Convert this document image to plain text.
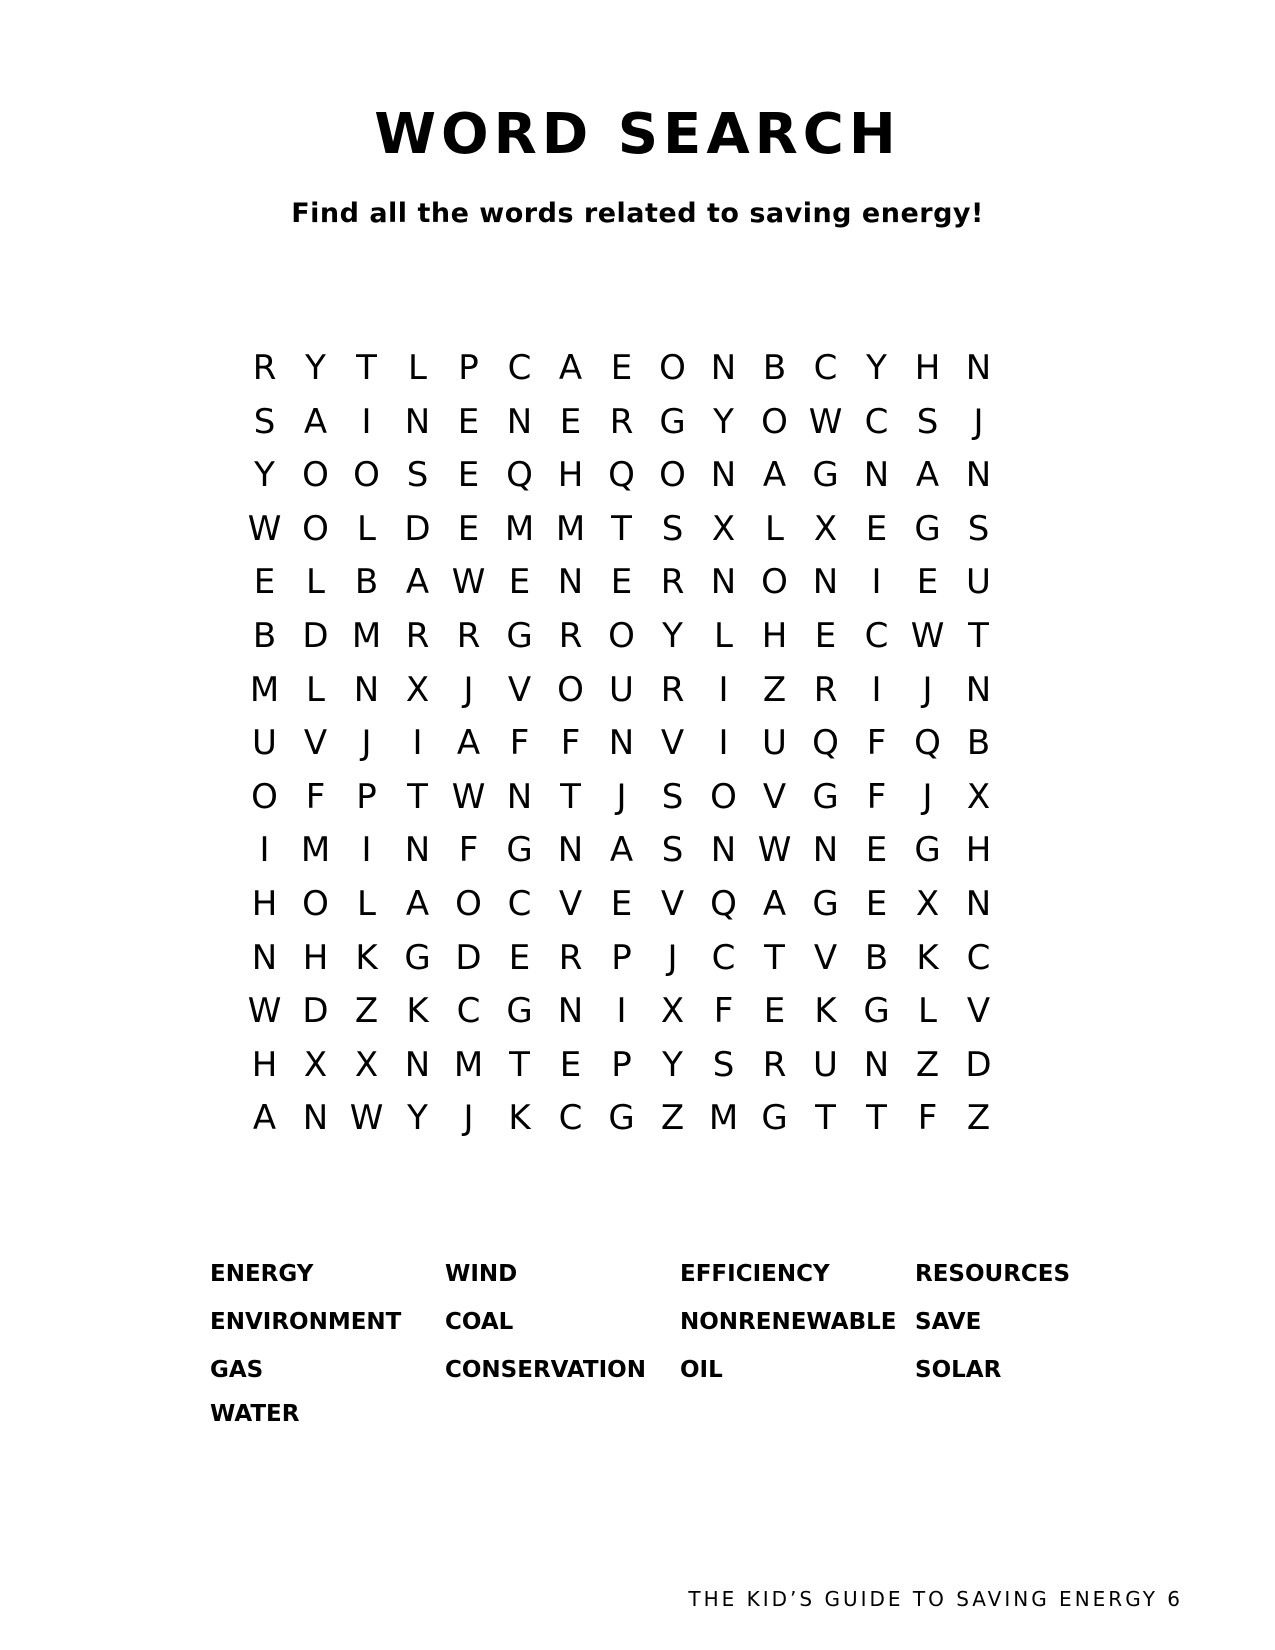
WORD SEARCH
Find all the words related to saving energy!
R Y T L P C A E O N B C Y H N
S A	I N E N E R G Y O W C S	J
Y O O S E Q H Q O N A G N A N
W O L D E M M T S X L X E G S
E L B A W E N E R N O N I	E U
B D M R R G R O Y L H E C W T
M L N X	J	V O U R	I	Z R	I	J N
U V	J	I	A F F N V	I U Q F Q B
O F P T W N T	J	S O V G F	J	X
I M I N F G N A S N W N E G H
H O L A O C V E V Q A G E X N
N H K G D E R P	J	C T V B K C
W D Z K C G N I	X F E K G L V
H X X N M T E P Y S R U N Z D
A N W Y	J	K C G Z M G T T F Z
ENERGY
ENVIRONMENT
GAS
WATER
WIND
COAL
CONSERVATION
EFFICIENCY
NONRENEWABLE
OIL
RESOURCES
SAVE
SOLAR
THE KID’S GUIDE TO SAVING ENERGY 6
